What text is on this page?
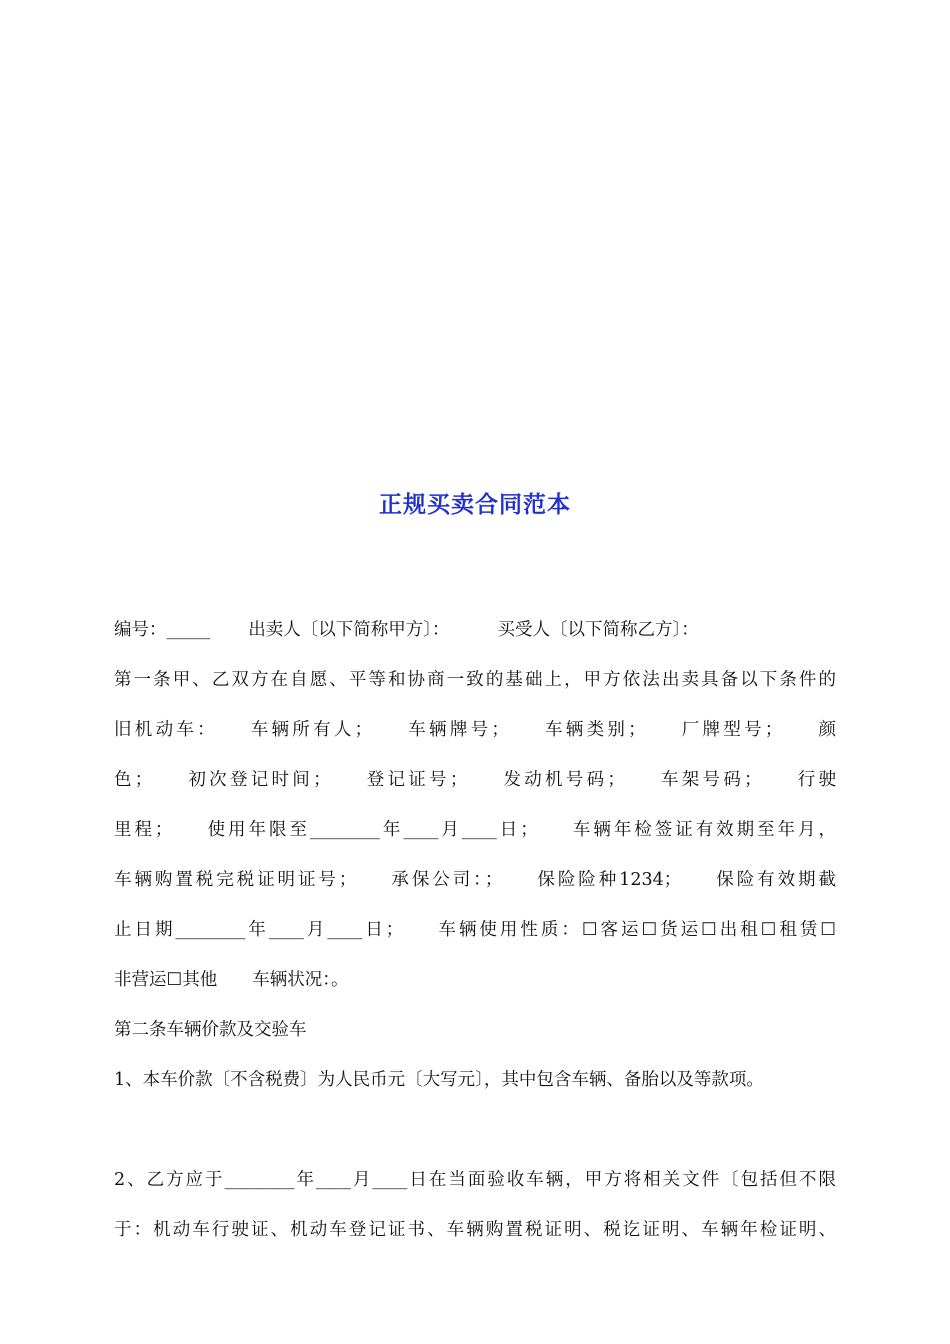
正规买卖合同范本
编号：_____ 出卖人〔以下简称甲方〕：	买受人〔以下简称乙方〕：
第一条甲、乙双方在自愿、平等和协商一致的基础上，甲方依法出卖具备以下条件的
旧机动车：　　车辆所有人；　　车辆牌号；　　车辆类别；　　厂牌型号；　　颜
色；　　初次登记时间；　　登记证号；　　发动机号码；　　车架号码；　　行驶
里程；　　使用年限至________年____月____日；　　车辆年检签证有效期至年月，
车辆购置税完税证明证号；　　承保公司：；　　保险险种1234；　　保险有效期截
止日期________年____月____日；　　车辆使用性质：☐客运☐货运☐出租☐租赁☐
非营运☐其他　　车辆状况：。
第二条车辆价款及交验车
1、本车价款〔不含税费〕为人民币元〔大写元〕，其中包含车辆、备胎以及等款项。
2、乙方应于________年____月____日在当面验收车辆，甲方将相关文件〔包括但不限
于：机动车行驶证、机动车登记证书、车辆购置税证明、税讫证明、车辆年检证明、
